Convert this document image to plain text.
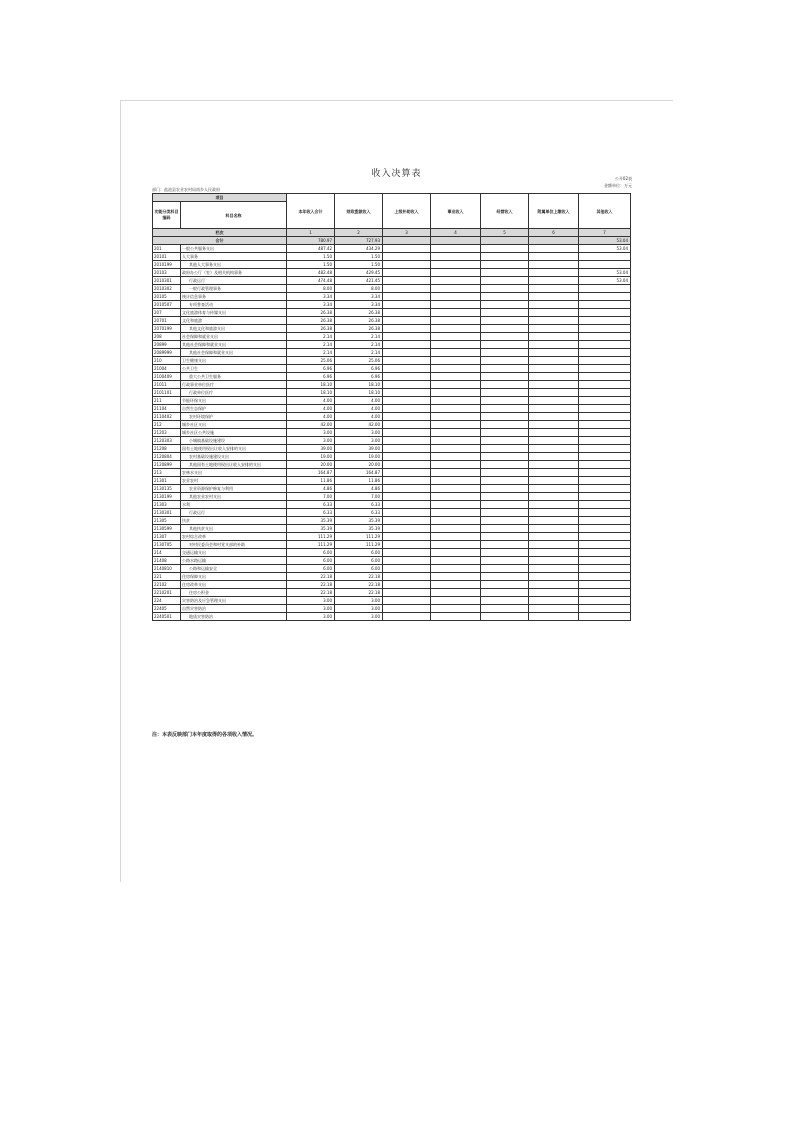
收入决算表	公开02表
金额单位：万元
部门：盐池县农业农村局南乡人民政府
项目		本年收入合计	财政拨款收入	上级补助收入	事业收入	经营收入	附属单位上缴收入	其他收入
功能分类科目编码	科目名称							
栏次		1	2	3	4	5	6	7
合计		780.97	727.93					53.04
201	一般公共服务支出	487.42	434.29					53.04
20101	人大事务	1.50	1.50					
2010199	其他人大事务支出	1.50	1.50					
20103	政府办公厅（室）及相关机构事务	482.48	429.45					53.04
2010301	行政运行	474.48	421.45					53.04
2010302	一般行政管理事务	8.00	8.00					
20105	统计信息事务	3.34	3.34					
2010507	专项普查活动	3.34	3.34					
207	文化旅游体育与传媒支出	26.38	26.38					
20701	文化和旅游	26.38	26.38					
2070199	其他文化和旅游支出	26.38	26.38					
208	社会保障和就业支出	2.14	2.14					
20899	其他社会保障和就业支出	2.14	2.14					
2089999	其他社会保障和就业支出	2.14	2.14					
210	卫生健康支出	25.06	25.06					
21004	公共卫生	6.96	6.96					
2100409	重大公共卫生服务	6.96	6.96					
21011	行政事业单位医疗	18.10	18.10					
2101101	行政单位医疗	18.10	18.10					
211	节能环保支出	4.00	4.00					
21104	自然生态保护	4.00	4.00					
2110402	农村环境保护	4.00	4.00					
212	城乡社区支出	42.00	42.00					
21203	城乡社区公共设施	3.00	3.00					
2120303	小城镇基础设施建设	3.00	3.00					
21208	国有土地使用权出让收入安排的支出	39.00	39.00					
2120804	农村基础设施建设支出	19.00	19.00					
2120899	其他国有土地使用权出让收入安排的支出	20.00	20.00					
213	农林水支出	164.87	164.87					
21301	农业农村	11.86	11.86					
2130135	农业资源保护修复与利用	4.86	4.86					
2130199	其他农业农村支出	7.00	7.00					
21303	水利	6.33	6.33					
2130301	行政运行	6.33	6.33					
21305	扶贫	35.39	35.39					
2130599	其他扶贫支出	35.39	35.39					
21307	农村综合改革	111.29	111.29					
2130705	对村民委员会和村党支部的补助	111.29	111.29					
214	交通运输支出	6.00	6.00					
21408	公路水路运输	6.00	6.00					
2140810	公路和运输安全	6.00	6.00					
221	住房保障支出	22.18	22.18					
22102	住房改革支出	22.18	22.18					
2210201	住房公积金	22.18	22.18					
224	灾害防治及应急管理支出	3.00	3.00					
22405	自然灾害防治	3.00	3.00					
2240501	地质灾害防治	3.00	3.00					
注：本表反映部门本年度取得的各项收入情况。
